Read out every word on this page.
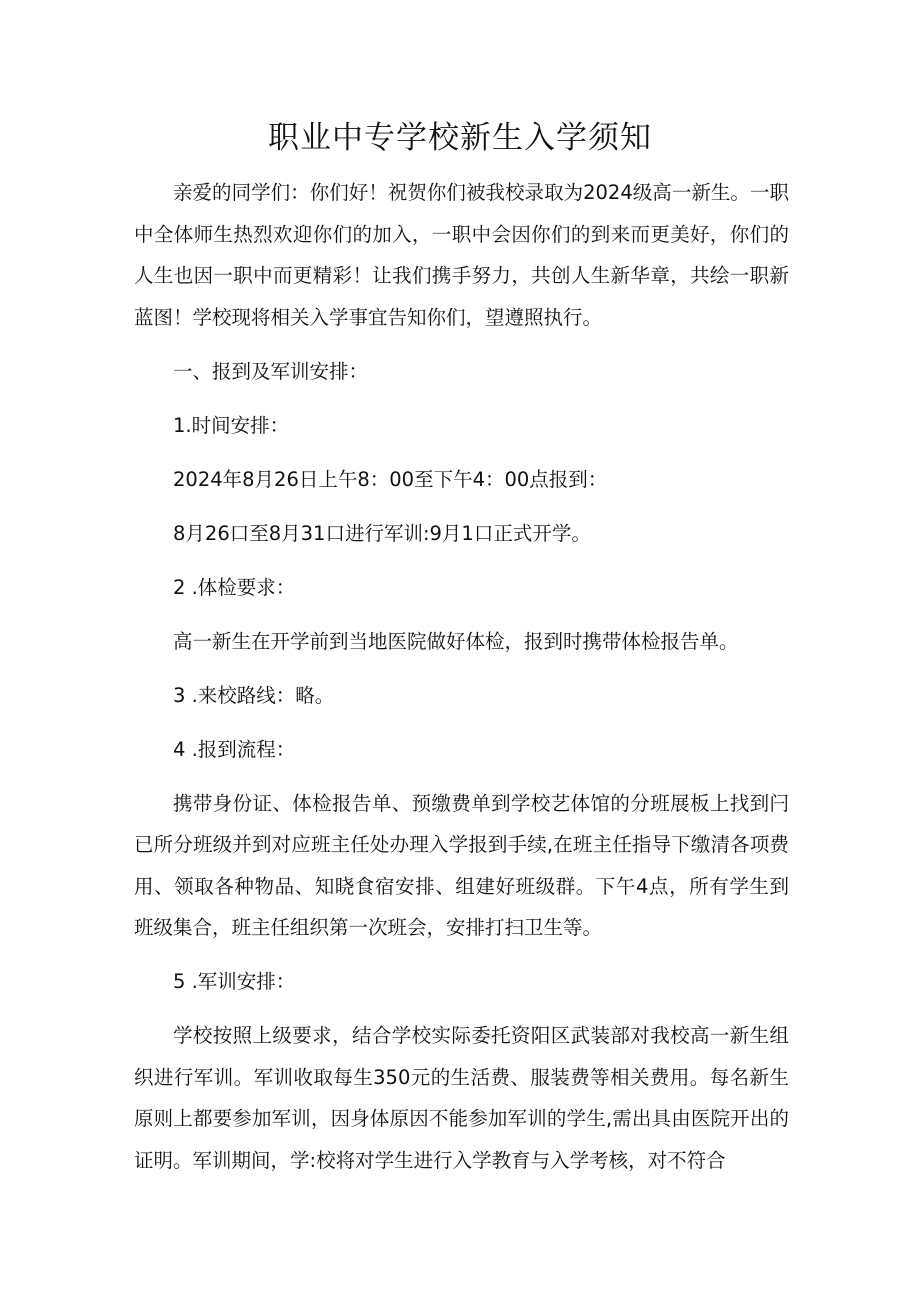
职业中专学校新生入学须知

亲爱的同学们：你们好！祝贺你们被我校录取为2024级高一新生。一职中全体师生热烈欢迎你们的加入，一职中会因你们的到来而更美好，你们的人生也因一职中而更精彩！让我们携手努力，共创人生新华章，共绘一职新蓝图！学校现将相关入学事宜告知你们，望遵照执行。

一、报到及军训安排：

1.时间安排：

2024年8月26日上午8：00至下午4：00点报到：

8月26口至8月31口进行军训:9月1口正式开学。

2 .体检要求：

高一新生在开学前到当地医院做好体检，报到时携带体检报告单。

3 .来校路线：略。

4 .报到流程：

携带身份证、体检报告单、预缴费单到学校艺体馆的分班展板上找到闩已所分班级并到对应班主任处办理入学报到手续,在班主任指导下缴清各项费用、领取各种物品、知晓食宿安排、组建好班级群。下午4点，所有学生到班级集合，班主任组织第一次班会，安排打扫卫生等。

5 .军训安排：

学校按照上级要求，结合学校实际委托资阳区武装部对我校高一新生组织进行军训。军训收取每生350元的生活费、服装费等相关费用。每名新生原则上都要参加军训，因身体原因不能参加军训的学生,需出具由医院开出的证明。军训期间，学:校将对学生进行入学教育与入学考核，对不符合
